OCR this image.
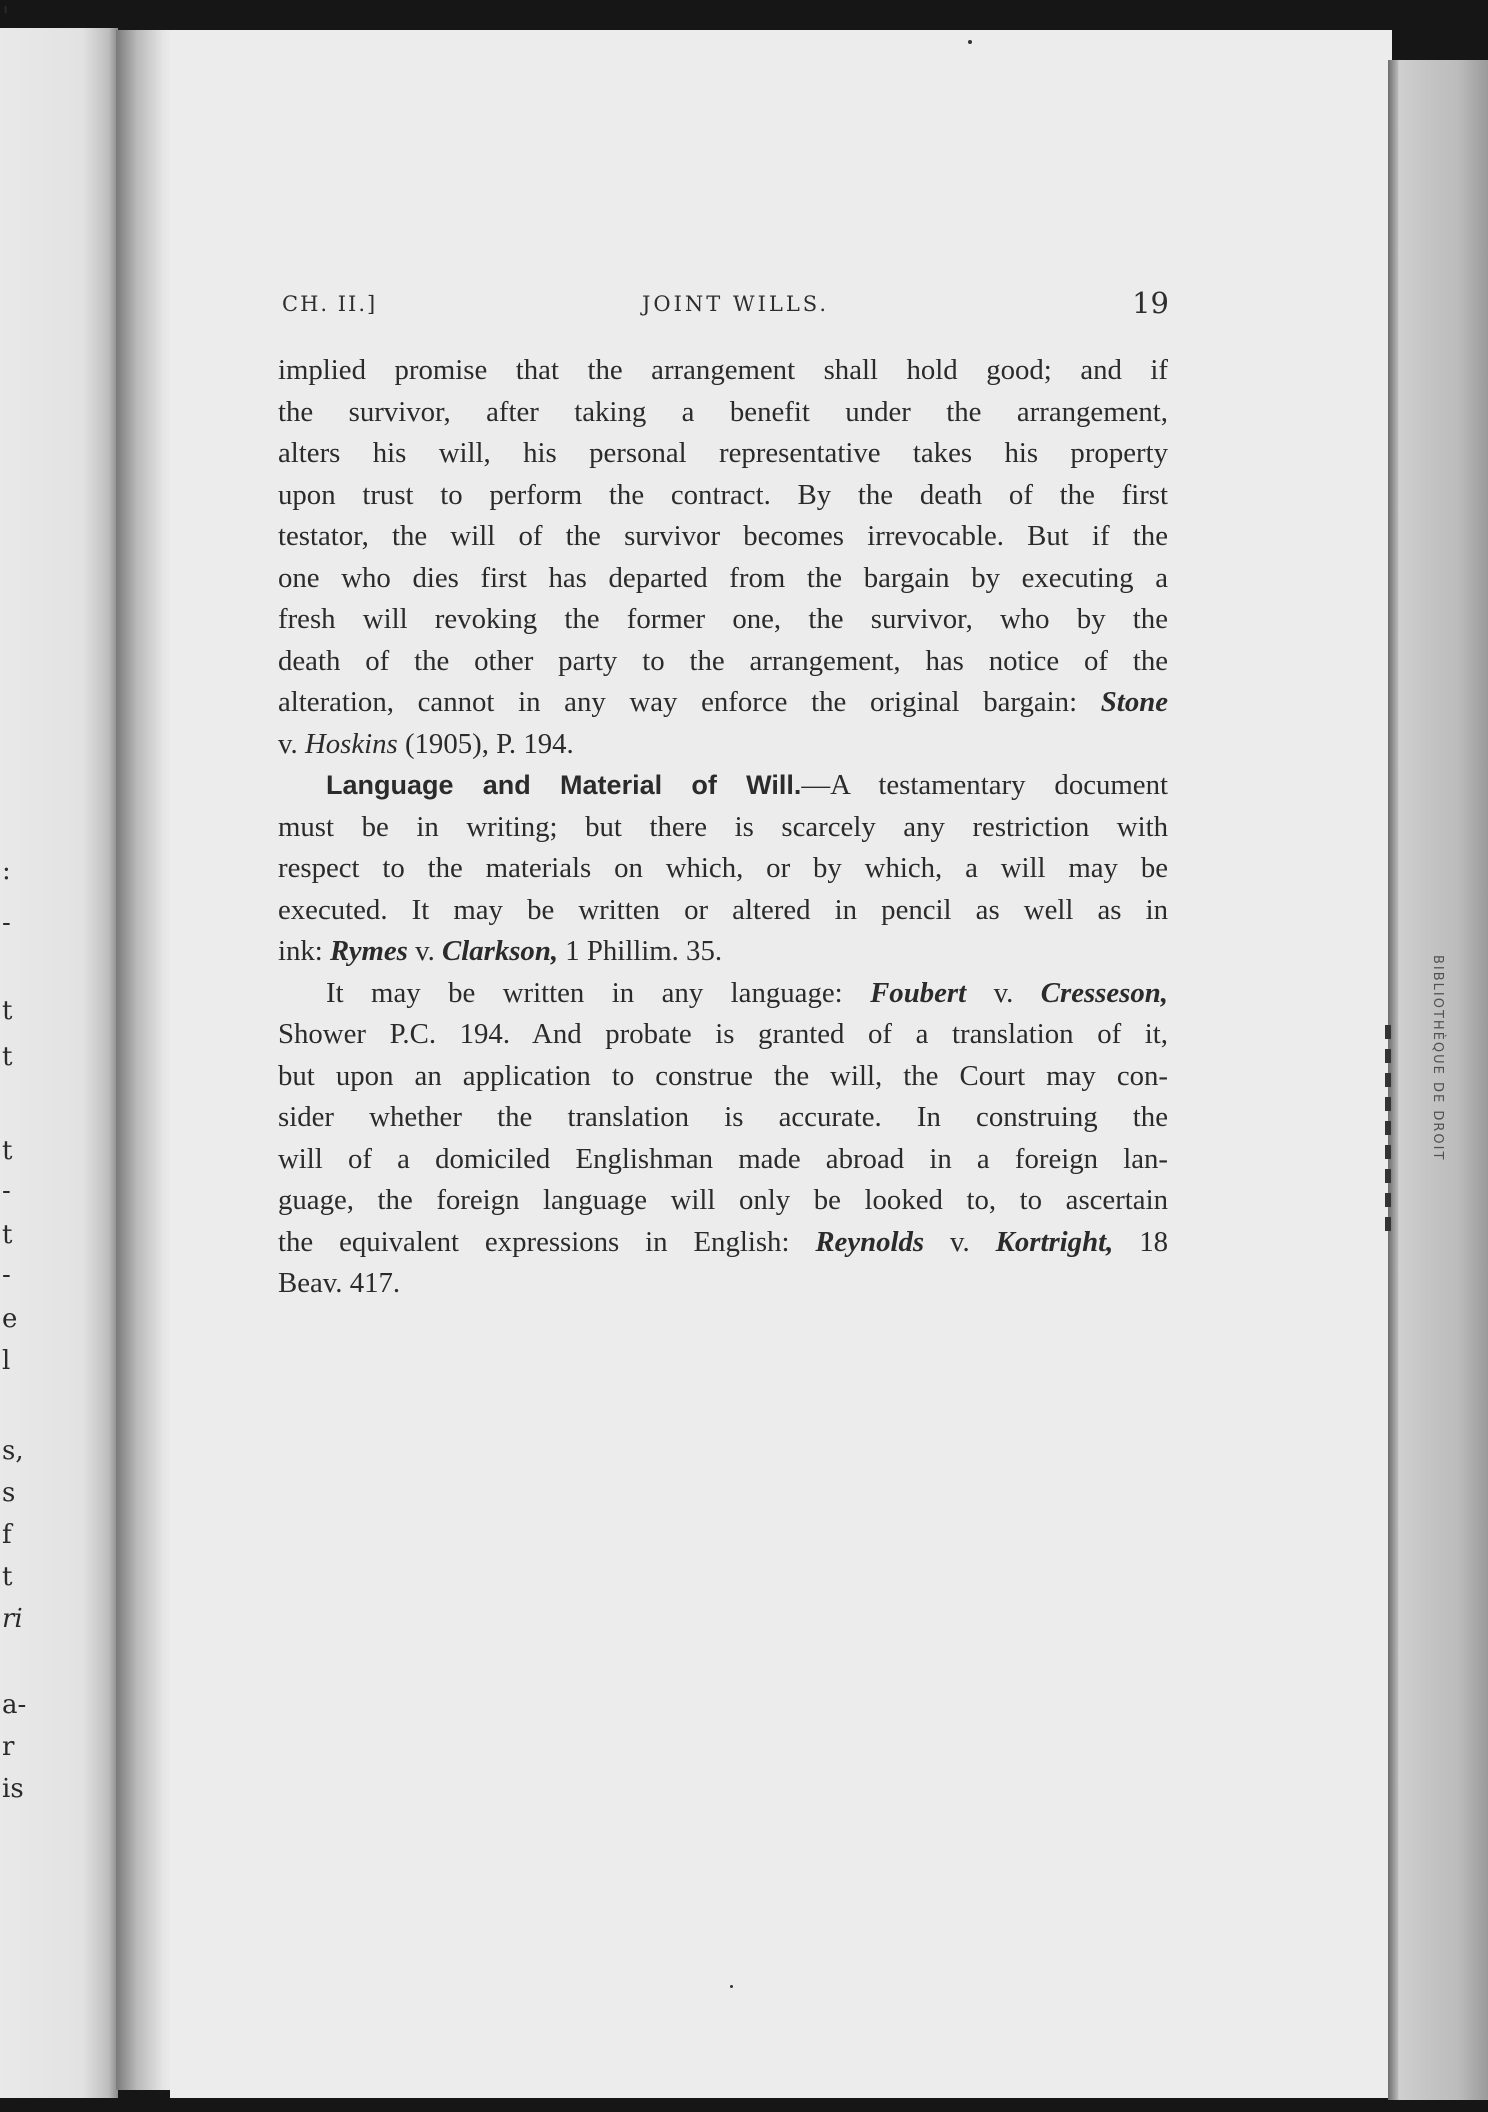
'
:
-
t
t
t
-
t
-
e
l
s,
s
f
t
ri
a-
r
is
BIBLIOTHÈQUE DE DROIT
CH. II.]	JOINT WILLS.	19

implied promise that the arrangement shall hold good; and if
the survivor, after taking a benefit under the arrangement,
alters his will, his personal representative takes his property
upon trust to perform the contract. By the death of the first
testator, the will of the survivor becomes irrevocable. But if the
one who dies first has departed from the bargain by executing a
fresh will revoking the former one, the survivor, who by the
death of the other party to the arrangement, has notice of the
alteration, cannot in any way enforce the original bargain: Stone
v. Hoskins (1905), P. 194.

Language and Material of Will.—A testamentary document
must be in writing; but there is scarcely any restriction with
respect to the materials on which, or by which, a will may be
executed. It may be written or altered in pencil as well as in
ink: Rymes v. Clarkson, 1 Phillim. 35.

It may be written in any language: Foubert v. Cresseson,
Shower P.C. 194. And probate is granted of a translation of it,
but upon an application to construe the will, the Court may con-
sider whether the translation is accurate. In construing the
will of a domiciled Englishman made abroad in a foreign lan-
guage, the foreign language will only be looked to, to ascertain
the equivalent expressions in English: Reynolds v. Kortright, 18
Beav. 417.
